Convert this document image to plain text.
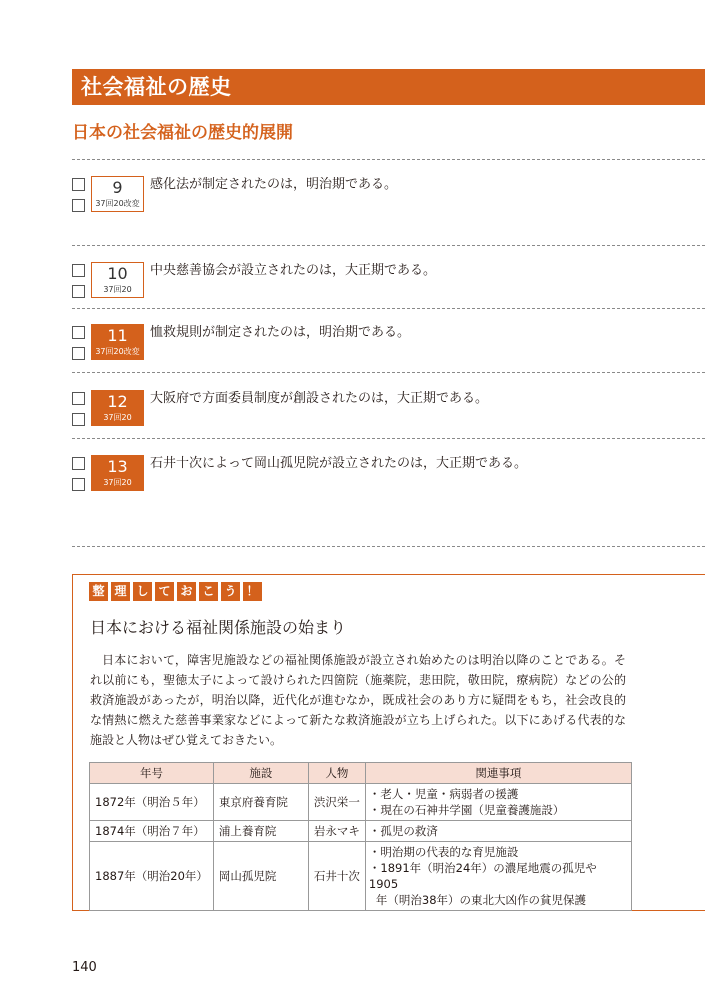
社会福祉の歴史
日本の社会福祉の歴史的展開
9
37回20改変
感化法が制定されたのは，明治期である。
10
37回20
中央慈善協会が設立されたのは，大正期である。
11
37回20改変
恤救規則が制定されたのは，明治期である。
12
37回20
大阪府で方面委員制度が創設されたのは，大正期である。
13
37回20
石井十次によって岡山孤児院が設立されたのは，大正期である。
整 理 し て お こ う ！
日本における福祉関係施設の始まり
日本において，障害児施設などの福祉関係施設が設立され始めたのは明治以降のことである。それ以前にも，聖徳太子によって設けられた四箇院（施薬院，悲田院，敬田院，療病院）などの公的救済施設があったが，明治以降，近代化が進むなか，既成社会のあり方に疑問をもち，社会改良的な情熱に燃えた慈善事業家などによって新たな救済施設が立ち上げられた。以下にあげる代表的な施設と人物はぜひ覚えておきたい。
年号	施設	人物	関連事項
1872年（明治５年）	東京府養育院	渋沢栄一	・老人・児童・病弱者の援護
・現在の石神井学園（児童養護施設）

1874年（明治７年）	浦上養育院	岩永マキ	・孤児の救済

1887年（明治20年）	岡山孤児院	石井十次	・明治期の代表的な育児施設
・1891年（明治24年）の濃尾地震の孤児や1905
年（明治38年）の東北大凶作の貧児保護
140
